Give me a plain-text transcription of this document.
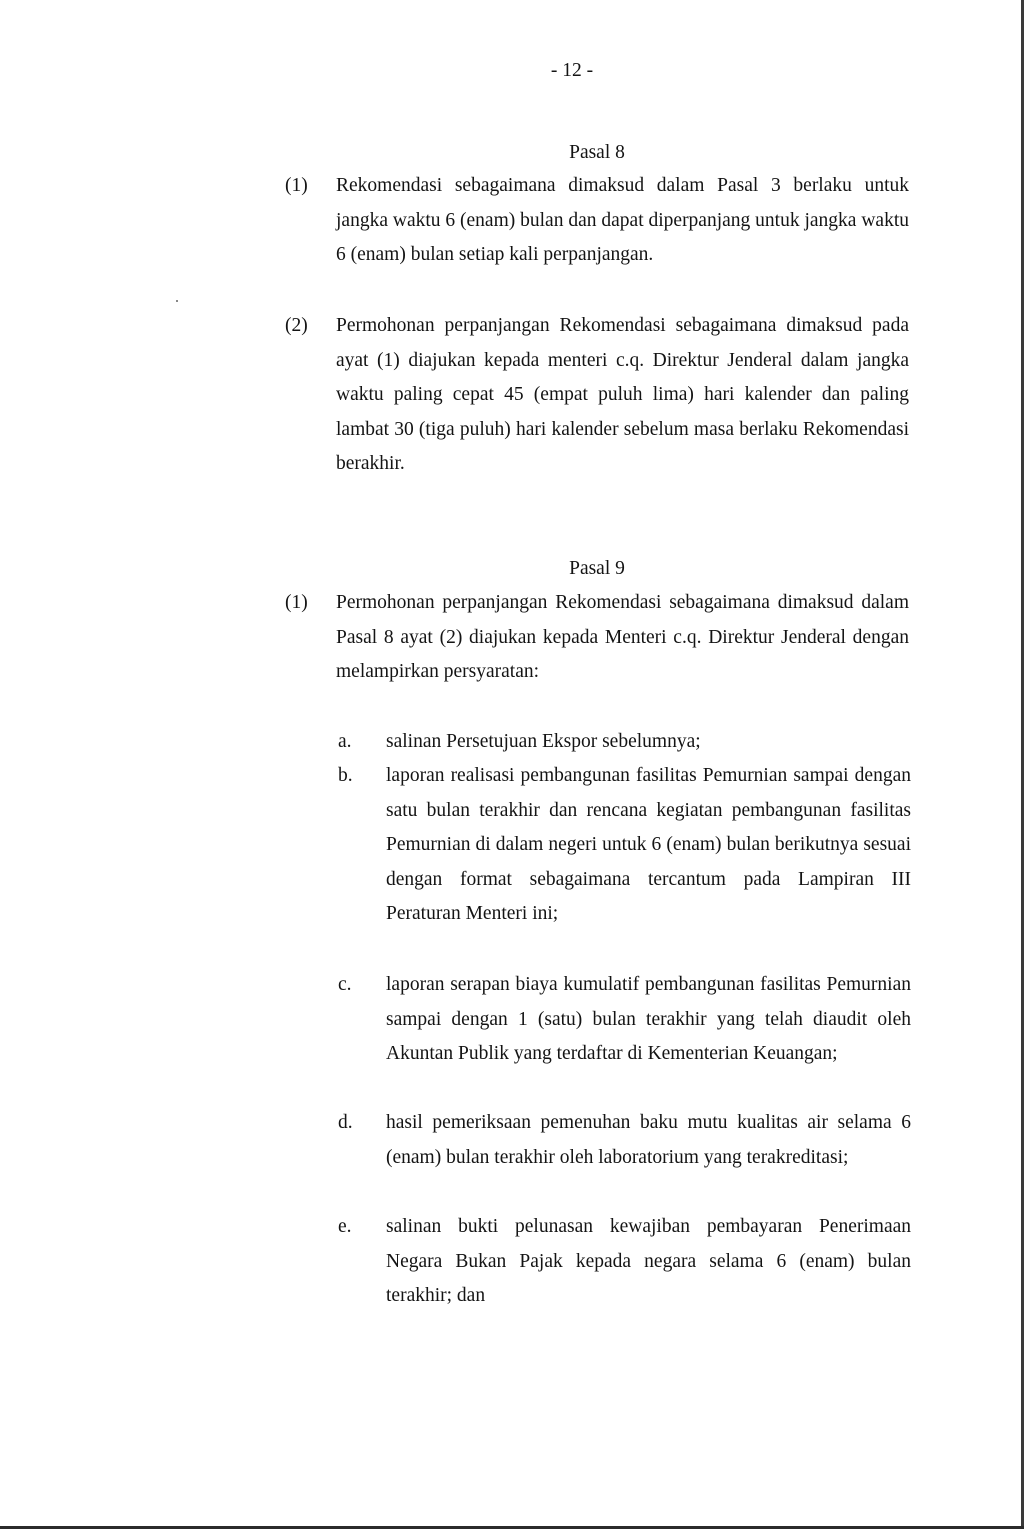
- 12 -
Pasal 8
(1) Rekomendasi sebagaimana dimaksud dalam Pasal 3 berlaku untuk jangka waktu 6 (enam) bulan dan dapat diperpanjang untuk jangka waktu 6 (enam) bulan setiap kali perpanjangan.
(2) Permohonan perpanjangan Rekomendasi sebagaimana dimaksud pada ayat (1) diajukan kepada menteri c.q. Direktur Jenderal dalam jangka waktu paling cepat 45 (empat puluh lima) hari kalender dan paling lambat 30 (tiga puluh) hari kalender sebelum masa berlaku Rekomendasi berakhir.
Pasal 9
(1) Permohonan perpanjangan Rekomendasi sebagaimana dimaksud dalam Pasal 8 ayat (2) diajukan kepada Menteri c.q. Direktur Jenderal dengan melampirkan persyaratan:
a. salinan Persetujuan Ekspor sebelumnya;
b. laporan realisasi pembangunan fasilitas Pemurnian sampai dengan satu bulan terakhir dan rencana kegiatan pembangunan fasilitas Pemurnian di dalam negeri untuk 6 (enam) bulan berikutnya sesuai dengan format sebagaimana tercantum pada Lampiran III Peraturan Menteri ini;
c. laporan serapan biaya kumulatif pembangunan fasilitas Pemurnian sampai dengan 1 (satu) bulan terakhir yang telah diaudit oleh Akuntan Publik yang terdaftar di Kementerian Keuangan;
d. hasil pemeriksaan pemenuhan baku mutu kualitas air selama 6 (enam) bulan terakhir oleh laboratorium yang terakreditasi;
e. salinan bukti pelunasan kewajiban pembayaran Penerimaan Negara Bukan Pajak kepada negara selama 6 (enam) bulan terakhir; dan
